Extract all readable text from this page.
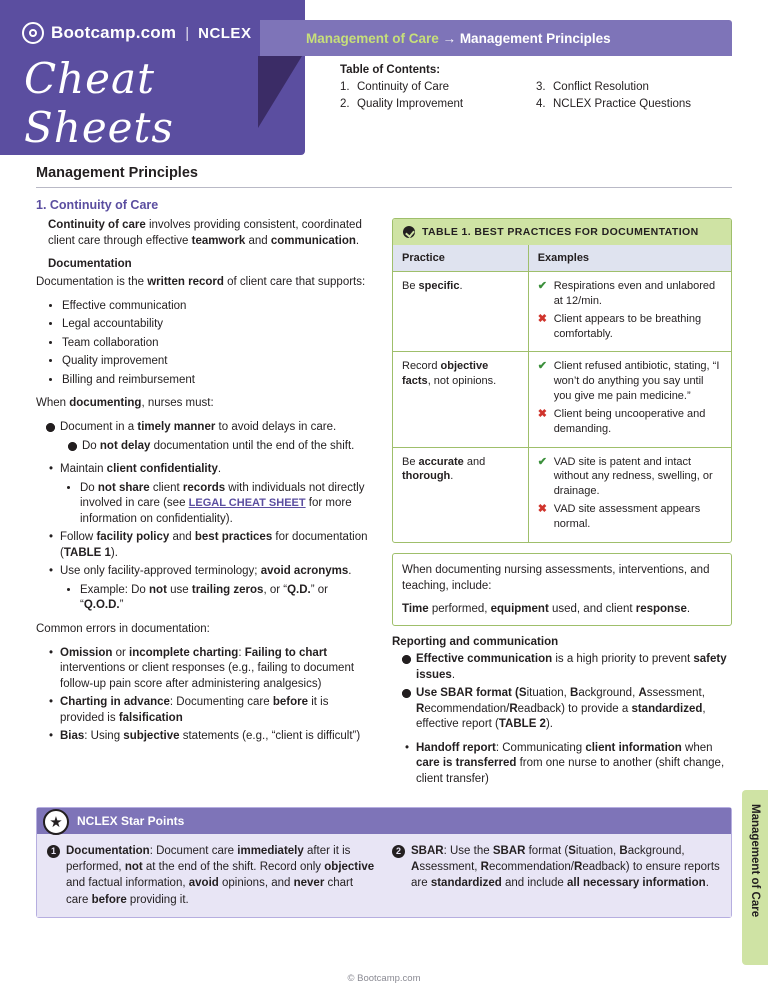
Bootcamp.com | NCLEX
Cheat Sheets
Management of Care → Management Principles
Table of Contents:
1. Continuity of Care
2. Quality Improvement
3. Conflict Resolution
4. NCLEX Practice Questions
Management Principles
1. Continuity of Care

Continuity of care involves providing consistent, coordinated client care through effective teamwork and communication.

Documentation

Documentation is the written record of client care that supports:

• Effective communication
• Legal accountability
• Team collaboration
• Quality improvement
• Billing and reimbursement

When documenting, nurses must:

Document in a timely manner to avoid delays in care.
Do not delay documentation until the end of the shift.
• Maintain client confidentiality.
• Do not share client records with individuals not directly involved in care (see LEGAL CHEAT SHEET for more information on confidentiality).
• Follow facility policy and best practices for documentation (TABLE 1).
• Use only facility-approved terminology; avoid acronyms.
• Example: Do not use trailing zeros, or “Q.D.” or “Q.O.D.”

Common errors in documentation:

• Omission or incomplete charting: Failing to chart interventions or client responses (e.g., failing to document follow-up pain score after administering analgesics)
• Charting in advance: Documenting care before it is provided is falsification
• Bias: Using subjective statements (e.g., “client is difficult”)
TABLE 1. BEST PRACTICES FOR DOCUMENTATION
Practice	Examples
Be specific.	✔ Respirations even and unlabored at 12/min.
✖ Client appears to be breathing comfortably.

Record objective facts, not opinions.	✔ Client refused antibiotic, stating, “I won’t do anything you say until you give me pain medicine.”
✖ Client being uncooperative and demanding.

Be accurate and thorough.	✔ VAD site is patent and intact without any redness, swelling, or drainage.
✖ VAD site assessment appears normal.
When documenting nursing assessments, interventions, and teaching, include:
Time performed, equipment used, and client response.
Reporting and communication
Effective communication is a high priority to prevent safety issues.
Use SBAR format (Situation, Background, Assessment, Recommendation/Readback) to provide a standardized, effective report (TABLE 2).
• Handoff report: Communicating client information when care is transferred from one nurse to another (shift change, client transfer)
★	NCLEX Star Points
1 Documentation: Document care immediately after it is performed, not at the end of the shift. Record only objective and factual information, avoid opinions, and never chart care before providing it.
2 SBAR: Use the SBAR format (Situation, Background, Assessment, Recommendation/Readback) to ensure reports are standardized and include all necessary information.	Management of Care
© Bootcamp.com
